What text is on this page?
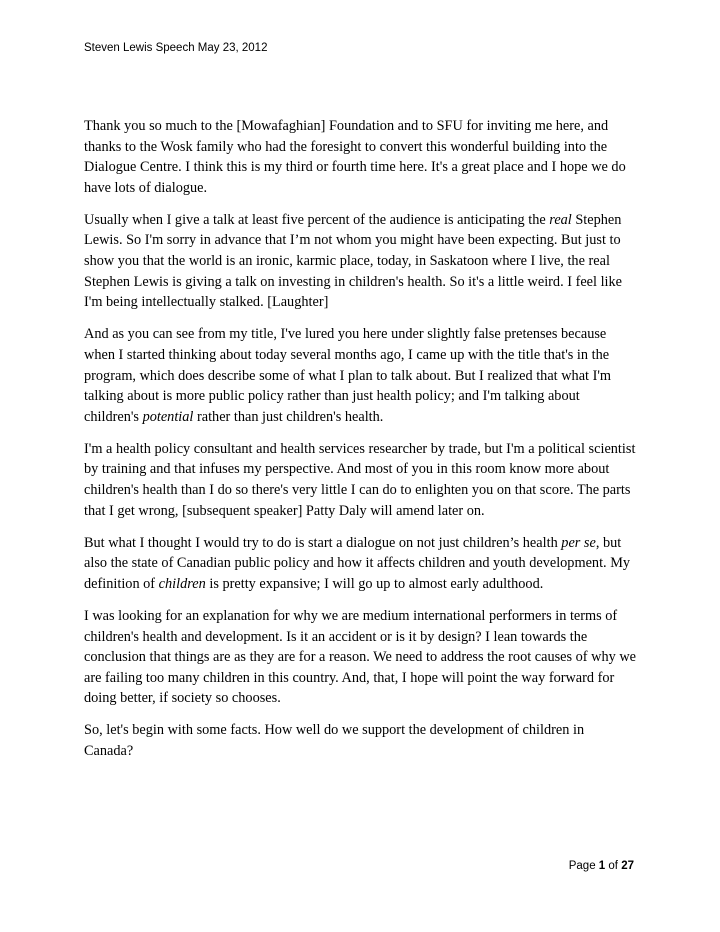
Steven Lewis Speech May 23, 2012

Thank you so much to the [Mowafaghian] Foundation and to SFU for inviting me here, and thanks to the Wosk family who had the foresight to convert this wonderful building into the Dialogue Centre. I think this is my third or fourth time here. It's a great place and I hope we do have lots of dialogue.

Usually when I give a talk at least five percent of the audience is anticipating the real Stephen Lewis. So I'm sorry in advance that I’m not whom you might have been expecting. But just to show you that the world is an ironic, karmic place, today, in Saskatoon where I live, the real Stephen Lewis is giving a talk on investing in children's health. So it's a little weird. I feel like I'm being intellectually stalked. [Laughter]

And as you can see from my title, I've lured you here under slightly false pretenses because when I started thinking about today several months ago, I came up with the title that's in the program, which does describe some of what I plan to talk about. But I realized that what I'm talking about is more public policy rather than just health policy; and I'm talking about children's potential rather than just children's health.

I'm a health policy consultant and health services researcher by trade, but I'm a political scientist by training and that infuses my perspective. And most of you in this room know more about children's health than I do so there's very little I can do to enlighten you on that score. The parts that I get wrong, [subsequent speaker] Patty Daly will amend later on.

But what I thought I would try to do is start a dialogue on not just children’s health per se, but also the state of Canadian public policy and how it affects children and youth development. My definition of children is pretty expansive; I will go up to almost early adulthood.

I was looking for an explanation for why we are medium international performers in terms of children's health and development. Is it an accident or is it by design? I lean towards the conclusion that things are as they are for a reason. We need to address the root causes of why we are failing too many children in this country. And, that, I hope will point the way forward for doing better, if society so chooses.

So, let's begin with some facts. How well do we support the development of children in Canada?

Page 1 of 27
